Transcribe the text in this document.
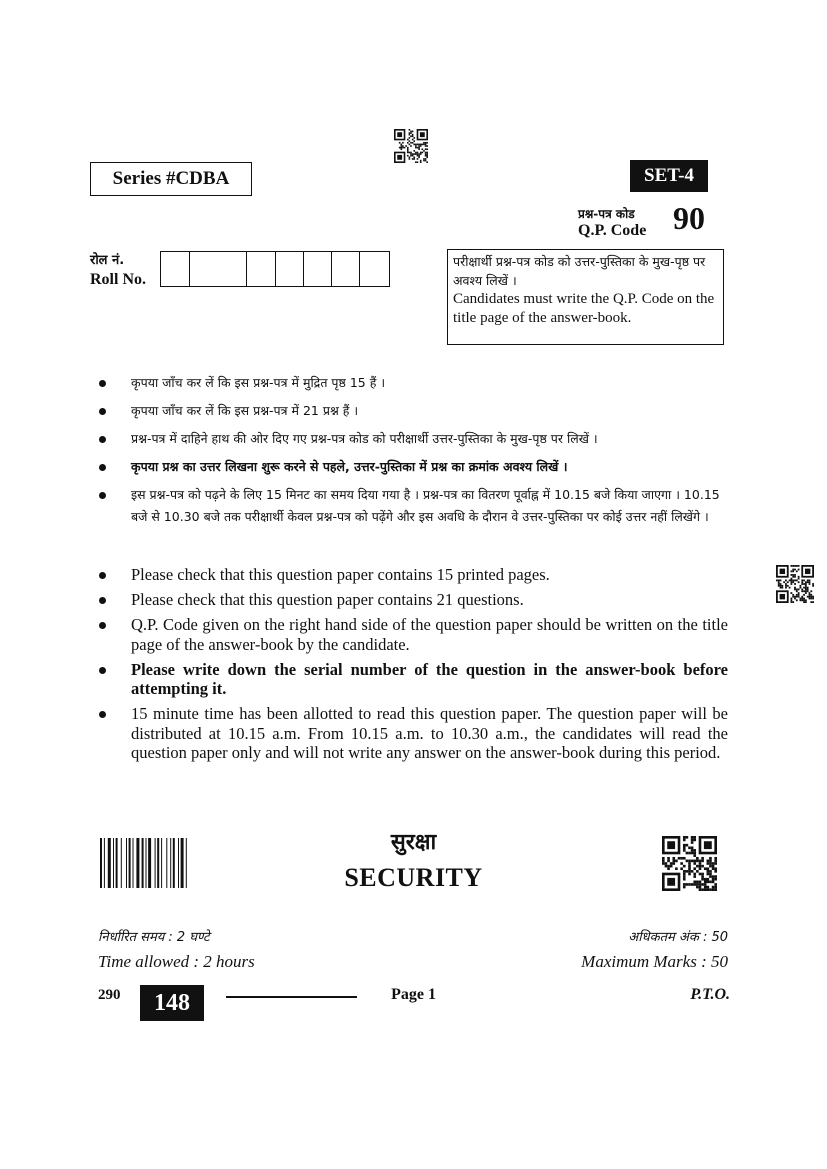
Series #CDBA	SET-4
प्रश्न-पत्र कोड
Q.P. Code 90
रोल नं.
Roll No.
परीक्षार्थी प्रश्न-पत्र कोड को उत्तर-पुस्तिका के मुख-पृष्ठ पर अवश्य लिखें ।
Candidates must write the Q.P. Code on the title page of the answer-book.
कृपया जाँच कर लें कि इस प्रश्न-पत्र में मुद्रित पृष्ठ 15 हैं ।
कृपया जाँच कर लें कि इस प्रश्न-पत्र में 21 प्रश्न हैं ।
प्रश्न-पत्र में दाहिने हाथ की ओर दिए गए प्रश्न-पत्र कोड को परीक्षार्थी उत्तर-पुस्तिका के मुख-पृष्ठ पर लिखें ।
कृपया प्रश्न का उत्तर लिखना शुरू करने से पहले, उत्तर-पुस्तिका में प्रश्न का क्रमांक अवश्य लिखें ।
इस प्रश्न-पत्र को पढ़ने के लिए 15 मिनट का समय दिया गया है । प्रश्न-पत्र का वितरण पूर्वाह्न में 10.15 बजे किया जाएगा । 10.15 बजे से 10.30 बजे तक परीक्षार्थी केवल प्रश्न-पत्र को पढ़ेंगे और इस अवधि के दौरान वे उत्तर-पुस्तिका पर कोई उत्तर नहीं लिखेंगे ।
Please check that this question paper contains 15 printed pages.
Please check that this question paper contains 21 questions.
Q.P. Code given on the right hand side of the question paper should be written on the title page of the answer-book by the candidate.
Please write down the serial number of the question in the answer-book before attempting it.
15 minute time has been allotted to read this question paper. The question paper will be distributed at 10.15 a.m. From 10.15 a.m. to 10.30 a.m., the candidates will read the question paper only and will not write any answer on the answer-book during this period.
सुरक्षा
SECURITY
निर्धारित समय : 2 घण्टे
Time allowed : 2 hours
अधिकतम अंक : 50
Maximum Marks : 50
290	148	Page 1	P.T.O.
